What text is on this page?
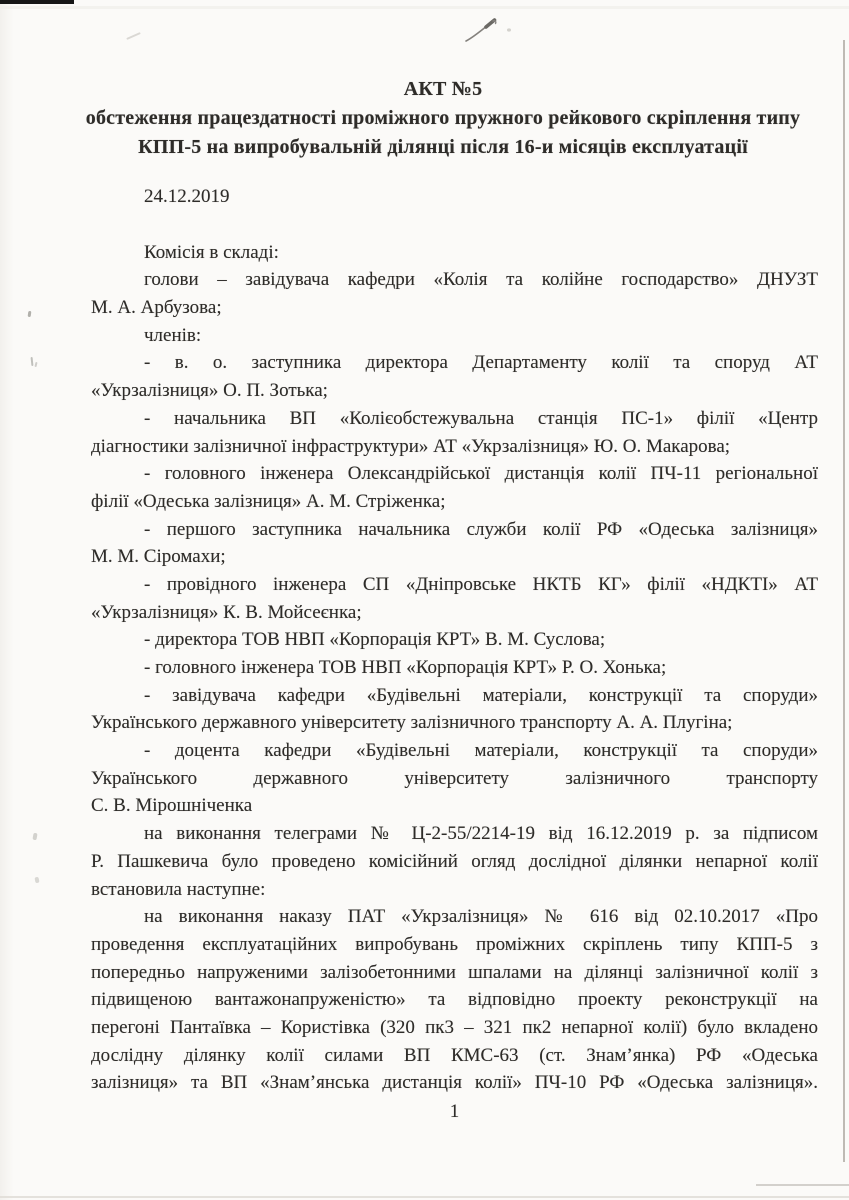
АКТ №5
обстеження працездатності проміжного пружного рейкового скріплення типу
КПП-5 на випробувальній ділянці після 16-и місяців експлуатації
24.12.2019
Комісія в складі:
голови – завідувача кафедри «Колія та колійне господарство» ДНУЗТ
М. А. Арбузова;
членів:
- в. о. заступника директора Департаменту колії та споруд АТ
«Укрзалізниця» О. П. Зотька;
- начальника ВП «Колієобстежувальна станція ПС-1» філії «Центр
діагностики залізничної інфраструктури» АТ «Укрзалізниця» Ю. О. Макарова;
- головного інженера Олександрійської дистанція колії ПЧ-11 регіональної
філії «Одеська залізниця» А. М. Стріженка;
- першого заступника начальника служби колії РФ «Одеська залізниця»
М. М. Сіромахи;
- провідного інженера СП «Дніпровське НКТБ КГ» філії «НДКТІ» АТ
«Укрзалізниця» К. В. Мойсеєнка;
- директора ТОВ НВП «Корпорація КРТ» В. М. Суслова;
- головного інженера ТОВ НВП «Корпорація КРТ» Р. О. Хонька;
- завідувача кафедри «Будівельні матеріали, конструкції та споруди»
Українського державного університету залізничного транспорту А. А. Плугіна;
- доцента кафедри «Будівельні матеріали, конструкції та споруди»
Українського державного університету залізничного транспорту
С. В. Мірошніченка
на виконання телеграми № Ц-2-55/2214-19 від 16.12.2019 р. за підписом
Р. Пашкевича було проведено комісійний огляд дослідної ділянки непарної колії
встановила наступне:
на виконання наказу ПАТ «Укрзалізниця» № 616 від 02.10.2017 «Про
проведення експлуатаційних випробувань проміжних скріплень типу КПП-5 з
попередньо напруженими залізобетонними шпалами на ділянці залізничної колії з
підвищеною вантажонапруженістю» та відповідно проекту реконструкції на
перегоні Пантаївка – Користівка (320 пк3 – 321 пк2 непарної колії) було вкладено
дослідну ділянку колії силами ВП КМС-63 (ст. Знам’янка) РФ «Одеська
залізниця» та ВП «Знам’янська дистанція колії» ПЧ-10 РФ «Одеська залізниця».
1
